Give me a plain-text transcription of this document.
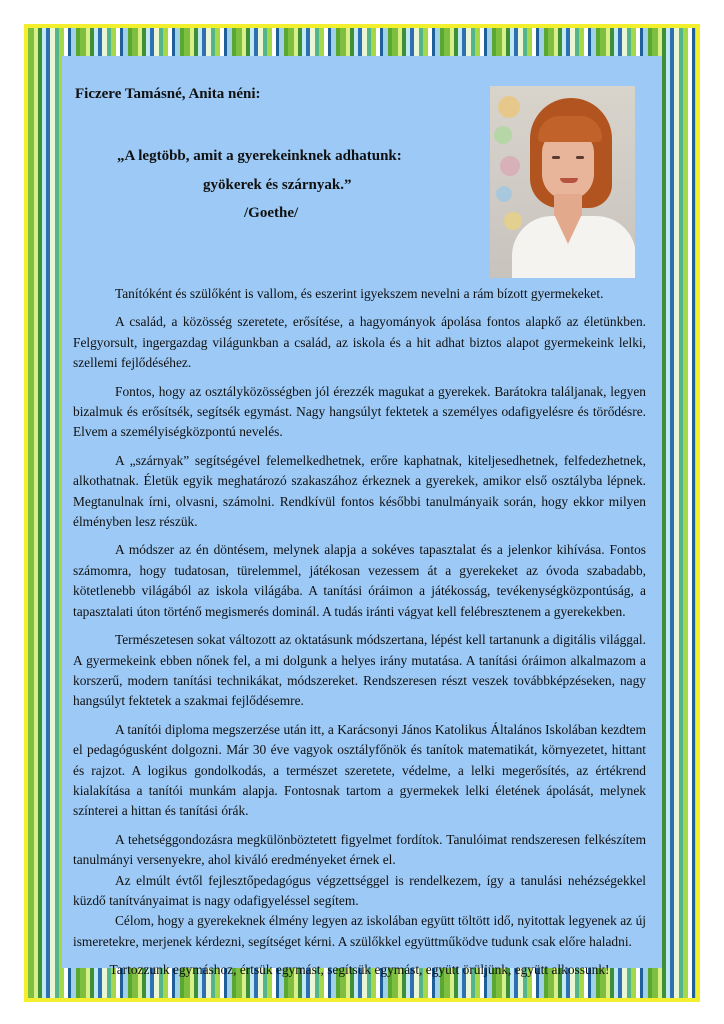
Ficzere Tamásné, Anita néni:
„A legtöbb, amit a gyerekeinknek adhatunk:
gyökerek és szárnyak.”
/Goethe/

Tanítóként és szülőként is vallom, és eszerint igyekszem nevelni a rám bízott gyermekeket.

A család, a közösség szeretete, erősítése, a hagyományok ápolása fontos alapkő az életünkben. Felgyorsult, ingergazdag világunkban a család, az iskola és a hit adhat biztos alapot gyermekeink lelki, szellemi fejlődéséhez.

Fontos, hogy az osztályközösségben jól érezzék magukat a gyerekek. Barátokra találjanak, legyen bizalmuk és erősítsék, segítsék egymást. Nagy hangsúlyt fektetek a személyes odafigyelésre és törődésre. Elvem a személyiségközpontú nevelés.

A „szárnyak” segítségével felemelkedhetnek, erőre kaphatnak, kiteljesedhetnek, felfedezhetnek, alkothatnak. Életük egyik meghatározó szakaszához érkeznek a gyerekek, amikor első osztályba lépnek. Megtanulnak írni, olvasni, számolni. Rendkívül fontos későbbi tanulmányaik során, hogy ekkor milyen élményben lesz részük.

A módszer az én döntésem, melynek alapja a sokéves tapasztalat és a jelenkor kihívása. Fontos számomra, hogy tudatosan, türelemmel, játékosan vezessem át a gyerekeket az óvoda szabadabb, kötetlenebb világából az iskola világába. A tanítási óráimon a játékosság, tevékenységközpontúság, a tapasztalati úton történő megismerés dominál. A tudás iránti vágyat kell felébresztenem a gyerekekben.

Természetesen sokat változott az oktatásunk módszertana, lépést kell tartanunk a digitális világgal. A gyermekeink ebben nőnek fel, a mi dolgunk a helyes irány mutatása. A tanítási óráimon alkalmazom a korszerű, modern tanítási technikákat, módszereket. Rendszeresen részt veszek továbbképzéseken, nagy hangsúlyt fektetek a szakmai fejlődésemre.

A tanítói diploma megszerzése után itt, a Karácsonyi János Katolikus Általános Iskolában kezdtem el pedagógusként dolgozni. Már 30 éve vagyok osztályfőnök és tanítok matematikát, környezetet, hittant és rajzot. A logikus gondolkodás, a természet szeretete, védelme, a lelki megerősítés, az értékrend kialakítása a tanítói munkám alapja. Fontosnak tartom a gyermekek lelki életének ápolását, melynek színterei a hittan és tanítási órák.

A tehetséggondozásra megkülönböztetett figyelmet fordítok. Tanulóimat rendszeresen felkészítem tanulmányi versenyekre, ahol kiváló eredményeket érnek el.

Az elmúlt évtől fejlesztőpedagógus végzettséggel is rendelkezem, így a tanulási nehézségekkel küzdő tanítványaimat is nagy odafigyeléssel segítem.

Célom, hogy a gyerekeknek élmény legyen az iskolában együtt töltött idő, nyitottak legyenek az új ismeretekre, merjenek kérdezni, segítséget kérni. A szülőkkel együttműködve tudunk csak előre haladni.

Tartozzunk egymáshoz, értsük egymást, segítsük egymást, együtt örüljünk, együtt alkossunk!
